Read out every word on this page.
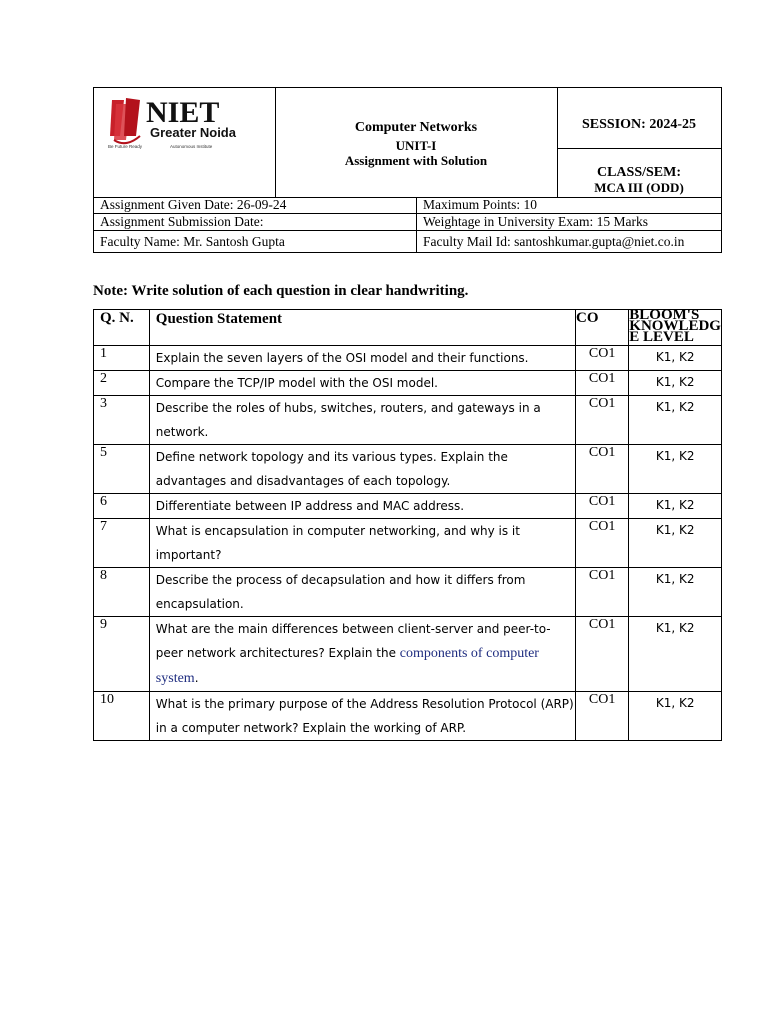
NIET
Greater Noida
Be Future Ready	Autonomous Institute
Computer Networks
UNIT-I
Assignment with Solution
SESSION: 2024-25
CLASS/SEM:
MCA III (ODD)
Assignment Given Date: 26-09-24	Maximum Points: 10
Assignment Submission Date:	Weightage in University Exam: 15 Marks
Faculty Name: Mr. Santosh Gupta	Faculty Mail Id: santoshkumar.gupta@niet.co.in
Note: Write solution of each question in clear handwriting.
Q. N.	Question Statement	CO	BLOOM'S KNOWLEDG E LEVEL
1	Explain the seven layers of the OSI model and their functions.	CO1	K1, K2
2	Compare the TCP/IP model with the OSI model.	CO1	K1, K2
3	Describe the roles of hubs, switches, routers, and gateways in a network.	CO1	K1, K2
5	Define network topology and its various types. Explain the advantages and disadvantages of each topology.	CO1	K1, K2
6	Differentiate between IP address and MAC address.	CO1	K1, K2
7	What is encapsulation in computer networking, and why is it important?	CO1	K1, K2
8	Describe the process of decapsulation and how it differs from encapsulation.	CO1	K1, K2
9	What are the main differences between client-server and peer-to-peer network architectures? Explain the components of computer system.	CO1	K1, K2
10	What is the primary purpose of the Address Resolution Protocol (ARP) in a computer network? Explain the working of ARP.	CO1	K1, K2
